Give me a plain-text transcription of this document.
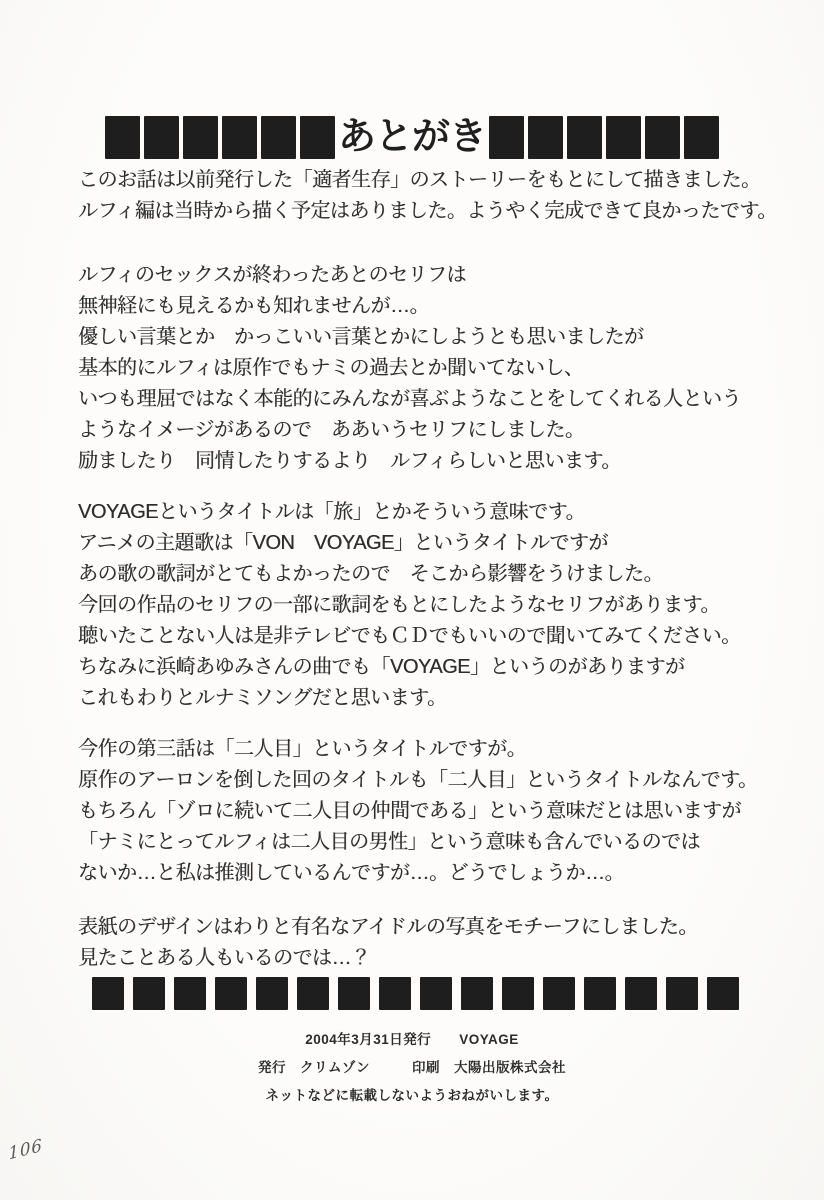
あとがき

このお話は以前発行した「適者生存」のストーリーをもとにして描きました。
ルフィ編は当時から描く予定はありました。ようやく完成できて良かったです。

ルフィのセックスが終わったあとのセリフは
無神経にも見えるかも知れませんが…。
優しい言葉とか　かっこいい言葉とかにしようとも思いましたが
基本的にルフィは原作でもナミの過去とか聞いてないし、
いつも理屈ではなく本能的にみんなが喜ぶようなことをしてくれる人という
ようなイメージがあるので　ああいうセリフにしました。
励ましたり　同情したりするより　ルフィらしいと思います。

VOYAGEというタイトルは「旅」とかそういう意味です。
アニメの主題歌は「VON　VOYAGE」というタイトルですが
あの歌の歌詞がとてもよかったので　そこから影響をうけました。
今回の作品のセリフの一部に歌詞をもとにしたようなセリフがあります。
聴いたことない人は是非テレビでもＣＤでもいいので聞いてみてください。
ちなみに浜崎あゆみさんの曲でも「VOYAGE」というのがありますが
これもわりとルナミソングだと思います。

今作の第三話は「二人目」というタイトルですが。
原作のアーロンを倒した回のタイトルも「二人目」というタイトルなんです。
もちろん「ゾロに続いて二人目の仲間である」という意味だとは思いますが
「ナミにとってルフィは二人目の男性」という意味も含んでいるのでは
ないか…と私は推測しているんですが…。どうでしょうか…。

表紙のデザインはわりと有名なアイドルの写真をモチーフにしました。
見たことある人もいるのでは…？

2004年3月31日発行　　VOYAGE
発行　クリムゾン　　　印刷　大陽出版株式会社
ネットなどに転載しないようおねがいします。
106
